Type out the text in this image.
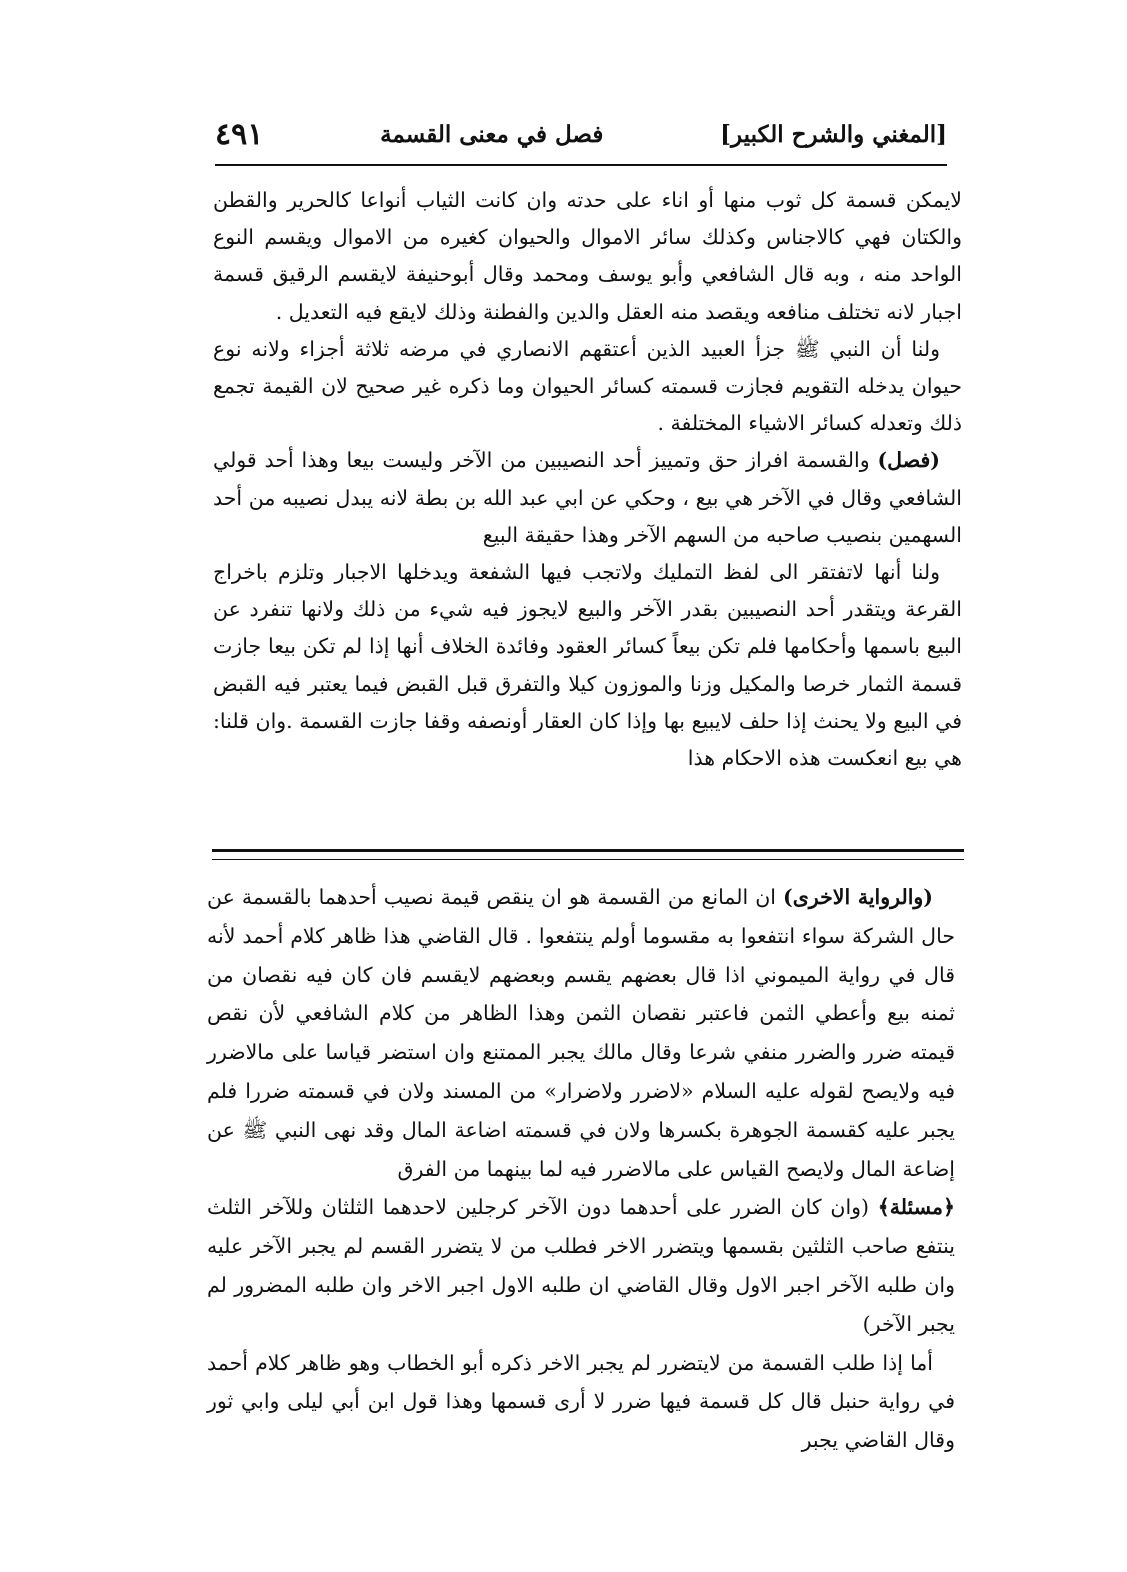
[المغني والشرح الكبير]
فصل في معنى القسمة
٤٩١

لايمكن قسمة كل ثوب منها أو اناء على حدته وان كانت الثياب أنواعا كالحرير والقطن والكتان فهي كالاجناس وكذلك سائر الاموال والحيوان كغيره من الاموال ويقسم النوع الواحد منه ، وبه قال الشافعي وأبو يوسف ومحمد وقال أبوحنيفة لايقسم الرقيق قسمة اجبار لانه تختلف منافعه ويقصد منه العقل والدين والفطنة وذلك لايقع فيه التعديل .

ولنا أن النبي ﷺ جزأ العبيد الذين أعتقهم الانصاري في مرضه ثلاثة أجزاء ولانه نوع حيوان يدخله التقويم فجازت قسمته كسائر الحيوان وما ذكره غير صحيح لان القيمة تجمع ذلك وتعدله كسائر الاشياء المختلفة .

(فصل) والقسمة افراز حق وتمييز أحد النصيبين من الآخر وليست بيعا وهذا أحد قولي الشافعي وقال في الآخر هي بيع ، وحكي عن ابي عبد الله بن بطة لانه يبدل نصيبه من أحد السهمين بنصيب صاحبه من السهم الآخر وهذا حقيقة البيع

ولنا أنها لاتفتقر الى لفظ التمليك ولاتجب فيها الشفعة ويدخلها الاجبار وتلزم باخراج القرعة ويتقدر أحد النصيبين بقدر الآخر والبيع لايجوز فيه شيء من ذلك ولانها تنفرد عن البيع باسمها وأحكامها فلم تكن بيعاً كسائر العقود وفائدة الخلاف أنها إذا لم تكن بيعا جازت قسمة الثمار خرصا والمكيل وزنا والموزون كيلا والتفرق قبل القبض فيما يعتبر فيه القبض في البيع ولا يحنث إذا حلف لايبيع بها وإذا كان العقار أونصفه وقفا جازت القسمة .وان قلنا: هي بيع انعكست هذه الاحكام هذا

(والرواية الاخرى) ان المانع من القسمة هو ان ينقص قيمة نصيب أحدهما بالقسمة عن حال الشركة سواء انتفعوا به مقسوما أولم ينتفعوا . قال القاضي هذا ظاهر كلام أحمد لأنه قال في رواية الميموني اذا قال بعضهم يقسم وبعضهم لايقسم فان كان فيه نقصان من ثمنه بيع وأعطي الثمن فاعتبر نقصان الثمن وهذا الظاهر من كلام الشافعي لأن نقص قيمته ضرر والضرر منفي شرعا وقال مالك يجبر الممتنع وان استضر قياسا على مالاضرر فيه ولايصح لقوله عليه السلام «لاضرر ولاضرار» من المسند ولان في قسمته ضررا فلم يجبر عليه كقسمة الجوهرة بكسرها ولان في قسمته اضاعة المال وقد نهى النبي ﷺ عن إضاعة المال ولايصح القياس على مالاضرر فيه لما بينهما من الفرق

﴿مسئلة﴾ (وان كان الضرر على أحدهما دون الآخر كرجلين لاحدهما الثلثان وللآخر الثلث ينتفع صاحب الثلثين بقسمها ويتضرر الاخر فطلب من لا يتضرر القسم لم يجبر الآخر عليه وان طلبه الآخر اجبر الاول وقال القاضي ان طلبه الاول اجبر الاخر وان طلبه المضرور لم يجبر الآخر)

أما إذا طلب القسمة من لايتضرر لم يجبر الاخر ذكره أبو الخطاب وهو ظاهر كلام أحمد في رواية حنبل قال كل قسمة فيها ضرر لا أرى قسمها وهذا قول ابن أبي ليلى وابي ثور وقال القاضي يجبر
